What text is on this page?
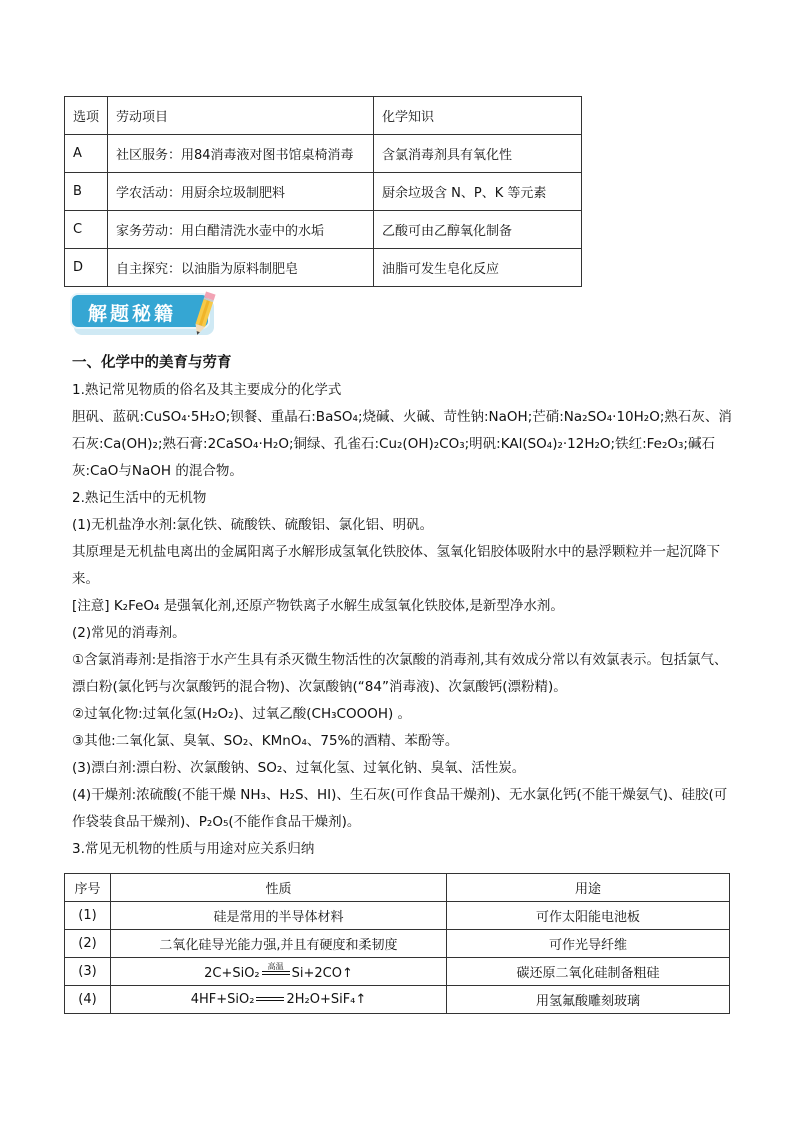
选项	劳动项目	化学知识
A	社区服务：用84消毒液对图书馆桌椅消毒	含氯消毒剂具有氧化性
B	学农活动：用厨余垃圾制肥料	厨余垃圾含 N、P、K 等元素
C	家务劳动：用白醋清洗水壶中的水垢	乙酸可由乙醇氧化制备
D	自主探究：以油脂为原料制肥皂	油脂可发生皂化反应
解题秘籍

一、化学中的美育与劳育

1.熟记常见物质的俗名及其主要成分的化学式

胆矾、蓝矾:CuSO₄·5H₂O;钡餐、重晶石:BaSO₄;烧碱、火碱、苛性钠:NaOH;芒硝:Na₂SO₄·10H₂O;熟石灰、消石灰:Ca(OH)₂;熟石膏:2CaSO₄·H₂O;铜绿、孔雀石:Cu₂(OH)₂CO₃;明矾:KAl(SO₄)₂·12H₂O;铁红:Fe₂O₃;碱石灰:CaO与NaOH 的混合物。

2.熟记生活中的无机物

(1)无机盐净水剂:氯化铁、硫酸铁、硫酸铝、氯化铝、明矾。

其原理是无机盐电离出的金属阳离子水解形成氢氧化铁胶体、氢氧化铝胶体吸附水中的悬浮颗粒并一起沉降下来。

[注意] K₂FeO₄ 是强氧化剂,还原产物铁离子水解生成氢氧化铁胶体,是新型净水剂。

(2)常见的消毒剂。

①含氯消毒剂:是指溶于水产生具有杀灭微生物活性的次氯酸的消毒剂,其有效成分常以有效氯表示。包括氯气、漂白粉(氯化钙与次氯酸钙的混合物)、次氯酸钠(“84”消毒液)、次氯酸钙(漂粉精)。

②过氧化物:过氧化氢(H₂O₂)、过氧乙酸(CH₃COOOH) 。

③其他:二氧化氯、臭氧、SO₂、KMnO₄、75%的酒精、苯酚等。

(3)漂白剂:漂白粉、次氯酸钠、SO₂、过氧化氢、过氧化钠、臭氧、活性炭。

(4)干燥剂:浓硫酸(不能干燥 NH₃、H₂S、HI)、生石灰(可作食品干燥剂)、无水氯化钙(不能干燥氨气)、硅胶(可作袋装食品干燥剂)、P₂O₅(不能作食品干燥剂)。

3.常见无机物的性质与用途对应关系归纳

序号	性质	用途
(1)	硅是常用的半导体材料	可作太阳能电池板
(2)	二氧化硅导光能力强,并且有硬度和柔韧度	可作光导纤维
(3)	2C+SiO₂ 高温 Si+2CO↑	碳还原二氧化硅制备粗硅
(4)	4HF+SiO₂ 2H₂O+SiF₄↑	用氢氟酸雕刻玻璃
